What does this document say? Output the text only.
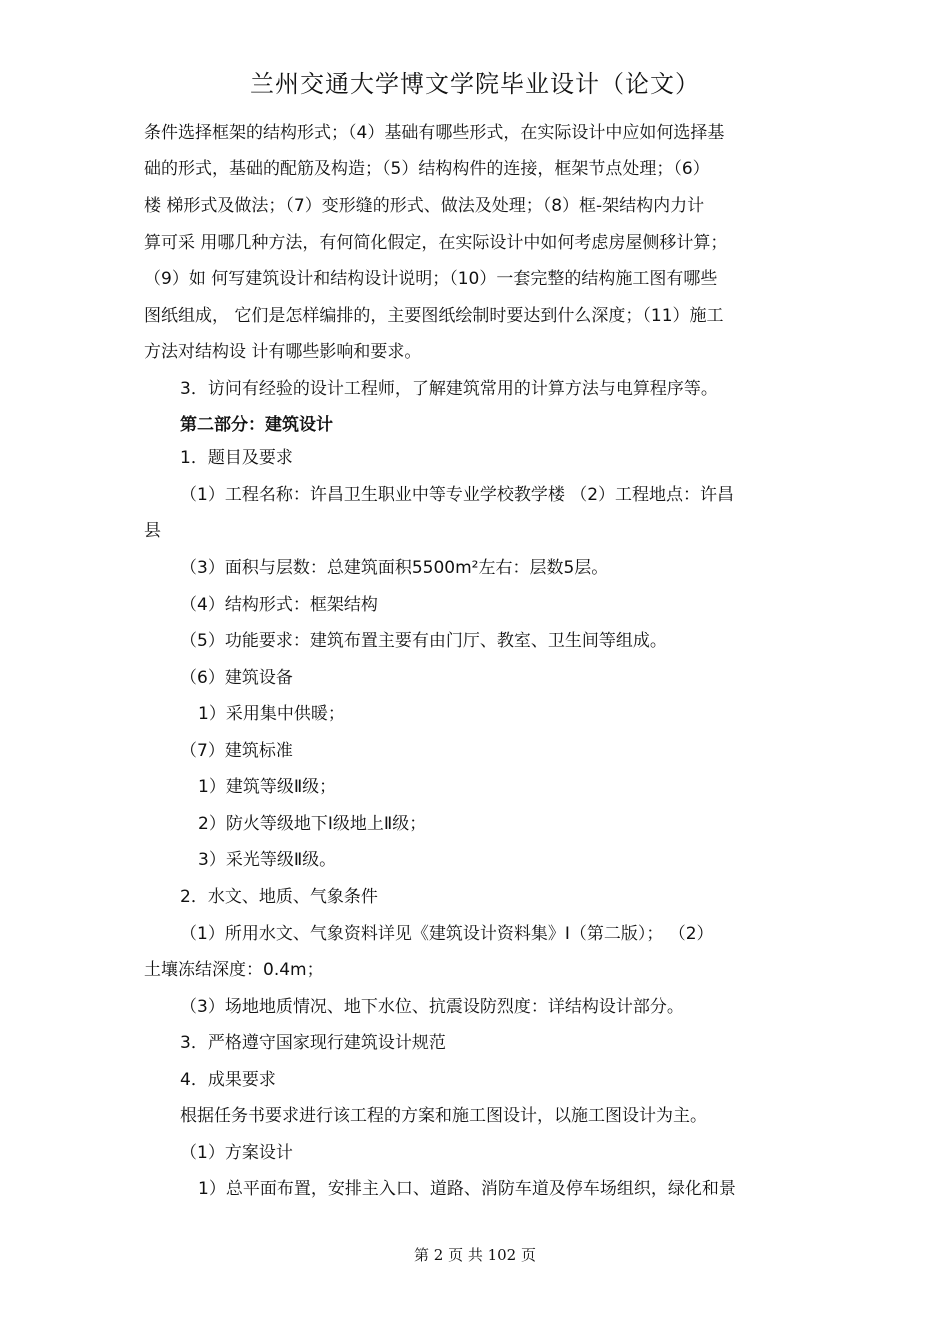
兰州交通大学博文学院毕业设计（论文）
条件选择框架的结构形式；（4）基础有哪些形式，在实际设计中应如何选择基
础的形式，基础的配筋及构造；（5）结构构件的连接，框架节点处理；（6）
楼 梯形式及做法；（7）变形缝的形式、做法及处理；（8）框-架结构内力计
算可采 用哪几种方法，有何简化假定，在实际设计中如何考虑房屋侧移计算；
（9）如 何写建筑设计和结构设计说明；（10）一套完整的结构施工图有哪些
图纸组成， 它们是怎样编排的，主要图纸绘制时要达到什么深度；（11）施工
方法对结构设 计有哪些影响和要求。
3．访问有经验的设计工程师，了解建筑常用的计算方法与电算程序等。
第二部分：建筑设计
1．题目及要求
（1）工程名称：许昌卫生职业中等专业学校教学楼 （2）工程地点：许昌
县
（3）面积与层数：总建筑面积5500m²左右：层数5层。
（4）结构形式：框架结构
（5）功能要求：建筑布置主要有由门厅、教室、卫生间等组成。
（6）建筑设备
1）采用集中供暖；
（7）建筑标准
1）建筑等级Ⅱ级；
2）防火等级地下Ⅰ级地上Ⅱ级；
3）采光等级Ⅱ级。
2．水文、地质、气象条件
（1）所用水文、气象资料详见《建筑设计资料集》Ⅰ（第二版）； （2）
土壤冻结深度：0.4m；
（3）场地地质情况、地下水位、抗震设防烈度：详结构设计部分。
3．严格遵守国家现行建筑设计规范
4．成果要求
根据任务书要求进行该工程的方案和施工图设计，以施工图设计为主。
（1）方案设计
1）总平面布置，安排主入口、道路、消防车道及停车场组织，绿化和景
第 2 页 共 102 页
